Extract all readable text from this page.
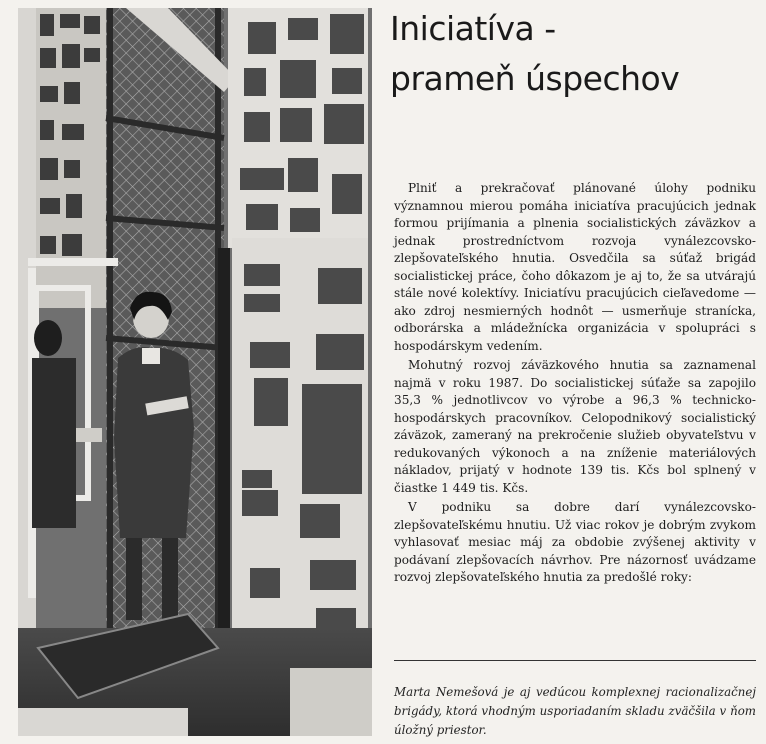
Iniciatíva -
prameň úspechov

Plniť a prekračovať plánované úlohy podniku významnou mierou pomáha iniciatíva pracujúcich jednak formou prijímania a plnenia socialistických záväzkov a jednak prostredníctvom rozvoja vynálezcovsko-zlepšovateľského hnutia. Osvedčila sa súťaž brigád socialistickej práce, čoho dôkazom je aj to, že sa utvárajú stále nové kolektívy. Iniciatívu pracujúcich cieľavedome — ako zdroj nesmierných hodnôt — usmerňuje stranícka, odborárska a mládežnícka organizácia v spolupráci s hospodárskym vedením.

Mohutný rozvoj záväzkového hnutia sa zaznamenal najmä v roku 1987. Do socialistickej súťaže sa zapojilo 35,3 % jednotlivcov vo výrobe a 96,3 % technicko-hospodárskych pracovníkov. Celopodnikový socialistický záväzok, zameraný na prekročenie služieb obyvateľstvu v redukovaných výkonoch a na zníženie materiálových nákladov, prijatý v hodnote 139 tis. Kčs bol splnený v čiastke 1 449 tis. Kčs.

V podniku sa dobre darí vynálezcovsko-zlepšovateľskému hnutiu. Už viac rokov je dobrým zvykom vyhlasovať mesiac máj za obdobie zvýšenej aktivity v podávaní zlepšovacích návrhov. Pre názornosť uvádzame rozvoj zlepšovateľského hnutia za predošlé roky:

Marta Nemešová je aj vedúcou komplexnej racionalizačnej brigády, ktorá vhodným usporiadaním skladu zväčšila v ňom úložný priestor.
